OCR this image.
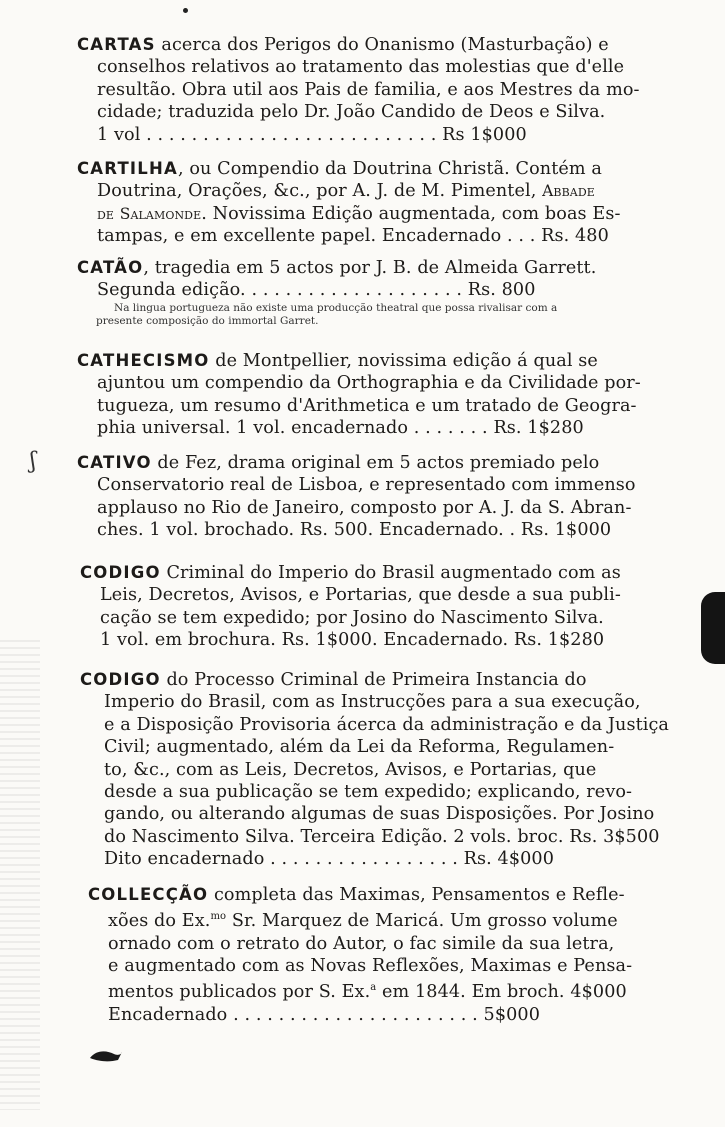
ʃ

CARTAS acerca dos Perigos do Onanismo (Masturbação) e

conselhos relativos ao tratamento das molestias que d'elle

resultão. Obra util aos Pais de familia, e aos Mestres da mo-

cidade; traduzida pelo Dr. João Candido de Deos e Silva.

1 vol . . . . . . . . . . . . . . . . . . . . . . . . . . Rs 1$000

CARTILHA, ou Compendio da Doutrina Christã. Contém a

Doutrina, Orações, &c., por A. J. de M. Pimentel, Abbade

de Salamonde. Novissima Edição augmentada, com boas Es-

tampas, e em excellente papel. Encadernado . . . Rs. 480

CATÃO, tragedia em 5 actos por J. B. de Almeida Garrett.

Segunda edição. . . . . . . . . . . . . . . . . . . . Rs. 800

Na lingua portugueza não existe uma producção theatral que possa rivalisar com a

presente composição do immortal Garret.

CATHECISMO de Montpellier, novissima edição á qual se

ajuntou um compendio da Orthographia e da Civilidade por-

tugueza, um resumo d'Arithmetica e um tratado de Geogra-

phia universal. 1 vol. encadernado . . . . . . . Rs. 1$280

CATIVO de Fez, drama original em 5 actos premiado pelo

Conservatorio real de Lisboa, e representado com immenso

applauso no Rio de Janeiro, composto por A. J. da S. Abran-

ches. 1 vol. brochado. Rs. 500. Encadernado. . Rs. 1$000

CODIGO Criminal do Imperio do Brasil augmentado com as

Leis, Decretos, Avisos, e Portarias, que desde a sua publi-

cação se tem expedido; por Josino do Nascimento Silva.

1 vol. em brochura. Rs. 1$000. Encadernado. Rs. 1$280

CODIGO do Processo Criminal de Primeira Instancia do

Imperio do Brasil, com as Instrucções para a sua execução,

e a Disposição Provisoria ácerca da administração e da Justiça

Civil; augmentado, além da Lei da Reforma, Regulamen-

to, &c., com as Leis, Decretos, Avisos, e Portarias, que

desde a sua publicação se tem expedido; explicando, revo-

gando, ou alterando algumas de suas Disposições. Por Josino

do Nascimento Silva. Terceira Edição. 2 vols. broc. Rs. 3$500

Dito encadernado . . . . . . . . . . . . . . . . . Rs. 4$000

COLLECÇÃO completa das Maximas, Pensamentos e Refle-

xões do Ex.$^{mo}$ Sr. Marquez de Maricá. Um grosso volume

ornado com o retrato do Autor, o fac simile da sua letra,

e augmentado com as Novas Reflexões, Maximas e Pensa-

mentos publicados por S. Ex.$^a$ em 1844. Em broch. 4$000

Encadernado . . . . . . . . . . . . . . . . . . . . . . 5$000
